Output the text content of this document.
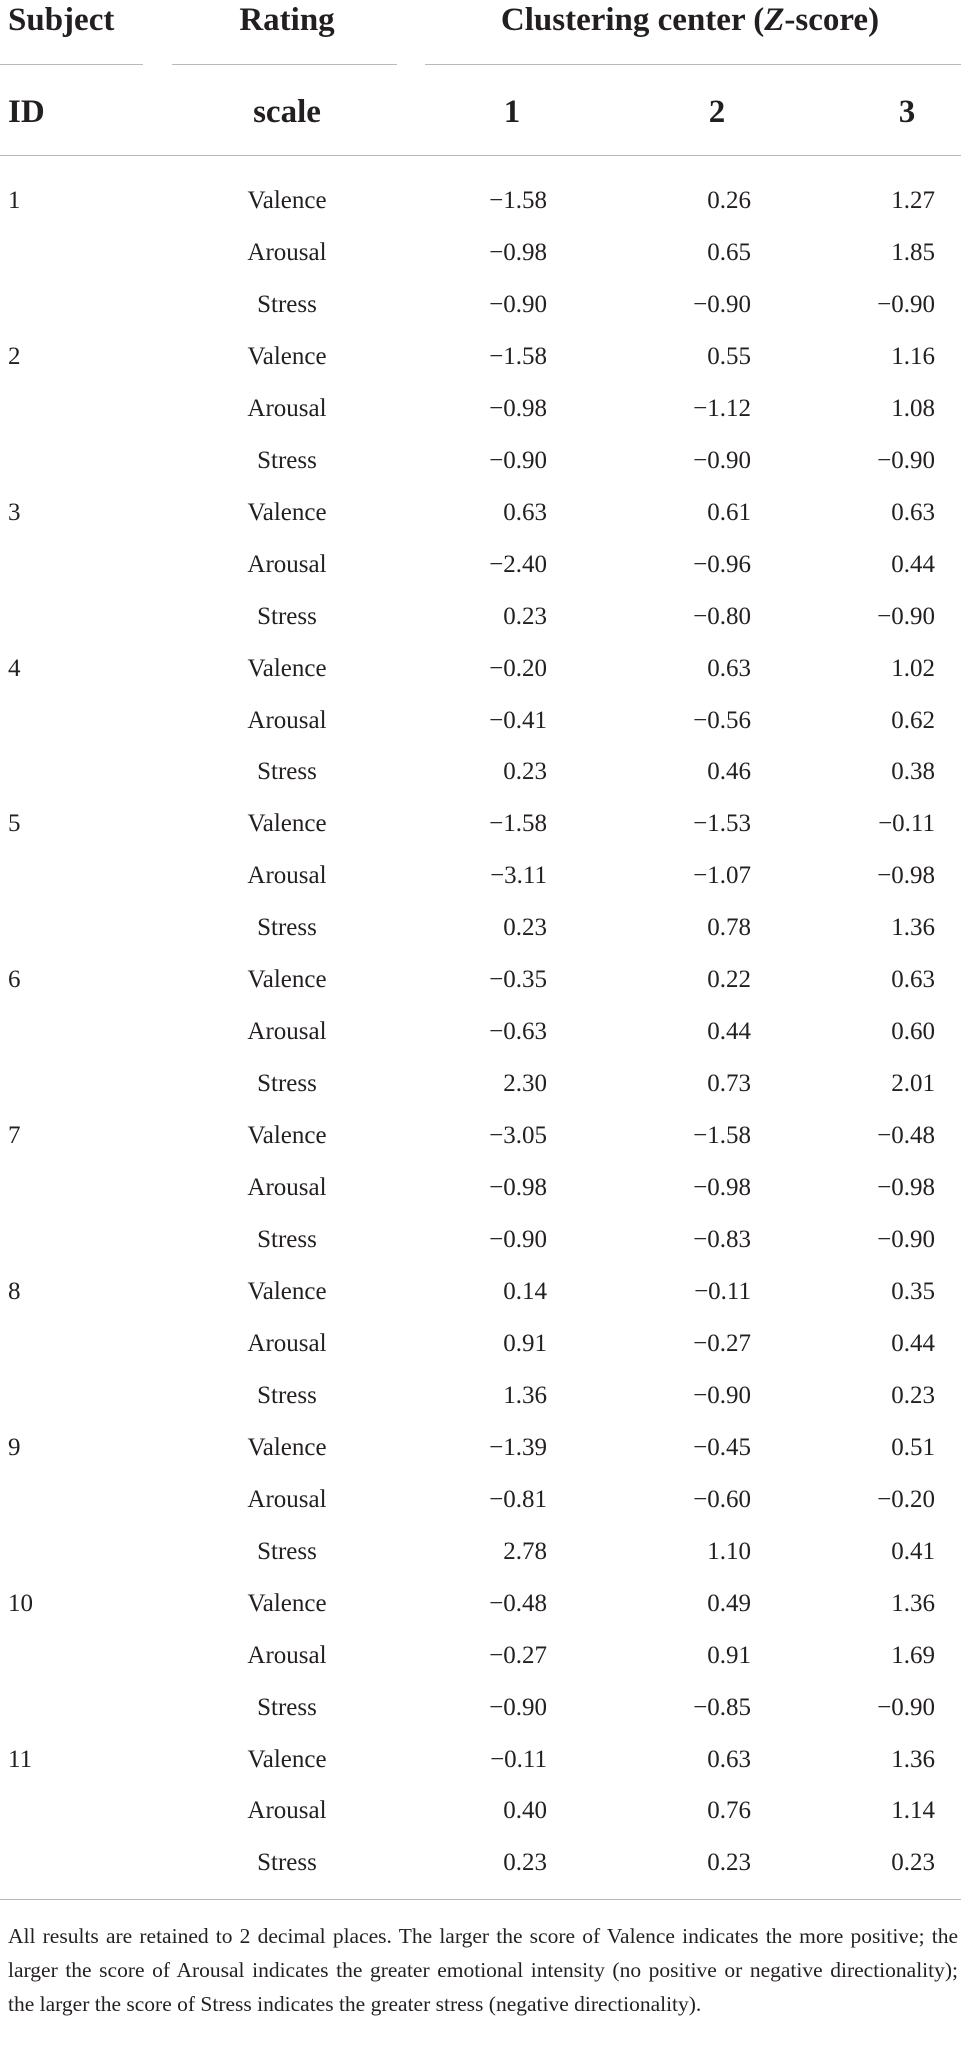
Subject	Rating	Clustering center (Z-score)
ID	scale	1	2	3
1	Valence	−1.58	0.26	1.27
Arousal	−0.98	0.65	1.85
Stress	−0.90	−0.90	−0.90
2	Valence	−1.58	0.55	1.16
Arousal	−0.98	−1.12	1.08
Stress	−0.90	−0.90	−0.90
3	Valence	0.63	0.61	0.63
Arousal	−2.40	−0.96	0.44
Stress	0.23	−0.80	−0.90
4	Valence	−0.20	0.63	1.02
Arousal	−0.41	−0.56	0.62
Stress	0.23	0.46	0.38
5	Valence	−1.58	−1.53	−0.11
Arousal	−3.11	−1.07	−0.98
Stress	0.23	0.78	1.36
6	Valence	−0.35	0.22	0.63
Arousal	−0.63	0.44	0.60
Stress	2.30	0.73	2.01
7	Valence	−3.05	−1.58	−0.48
Arousal	−0.98	−0.98	−0.98
Stress	−0.90	−0.83	−0.90
8	Valence	0.14	−0.11	0.35
Arousal	0.91	−0.27	0.44
Stress	1.36	−0.90	0.23
9	Valence	−1.39	−0.45	0.51
Arousal	−0.81	−0.60	−0.20
Stress	2.78	1.10	0.41
10	Valence	−0.48	0.49	1.36
Arousal	−0.27	0.91	1.69
Stress	−0.90	−0.85	−0.90
11	Valence	−0.11	0.63	1.36
Arousal	0.40	0.76	1.14
Stress	0.23	0.23	0.23
All results are retained to 2 decimal places. The larger the score of Valence indicates the more positive; the larger the score of Arousal indicates the greater emotional intensity (no positive or negative directionality); the larger the score of Stress indicates the greater stress (negative directionality).
